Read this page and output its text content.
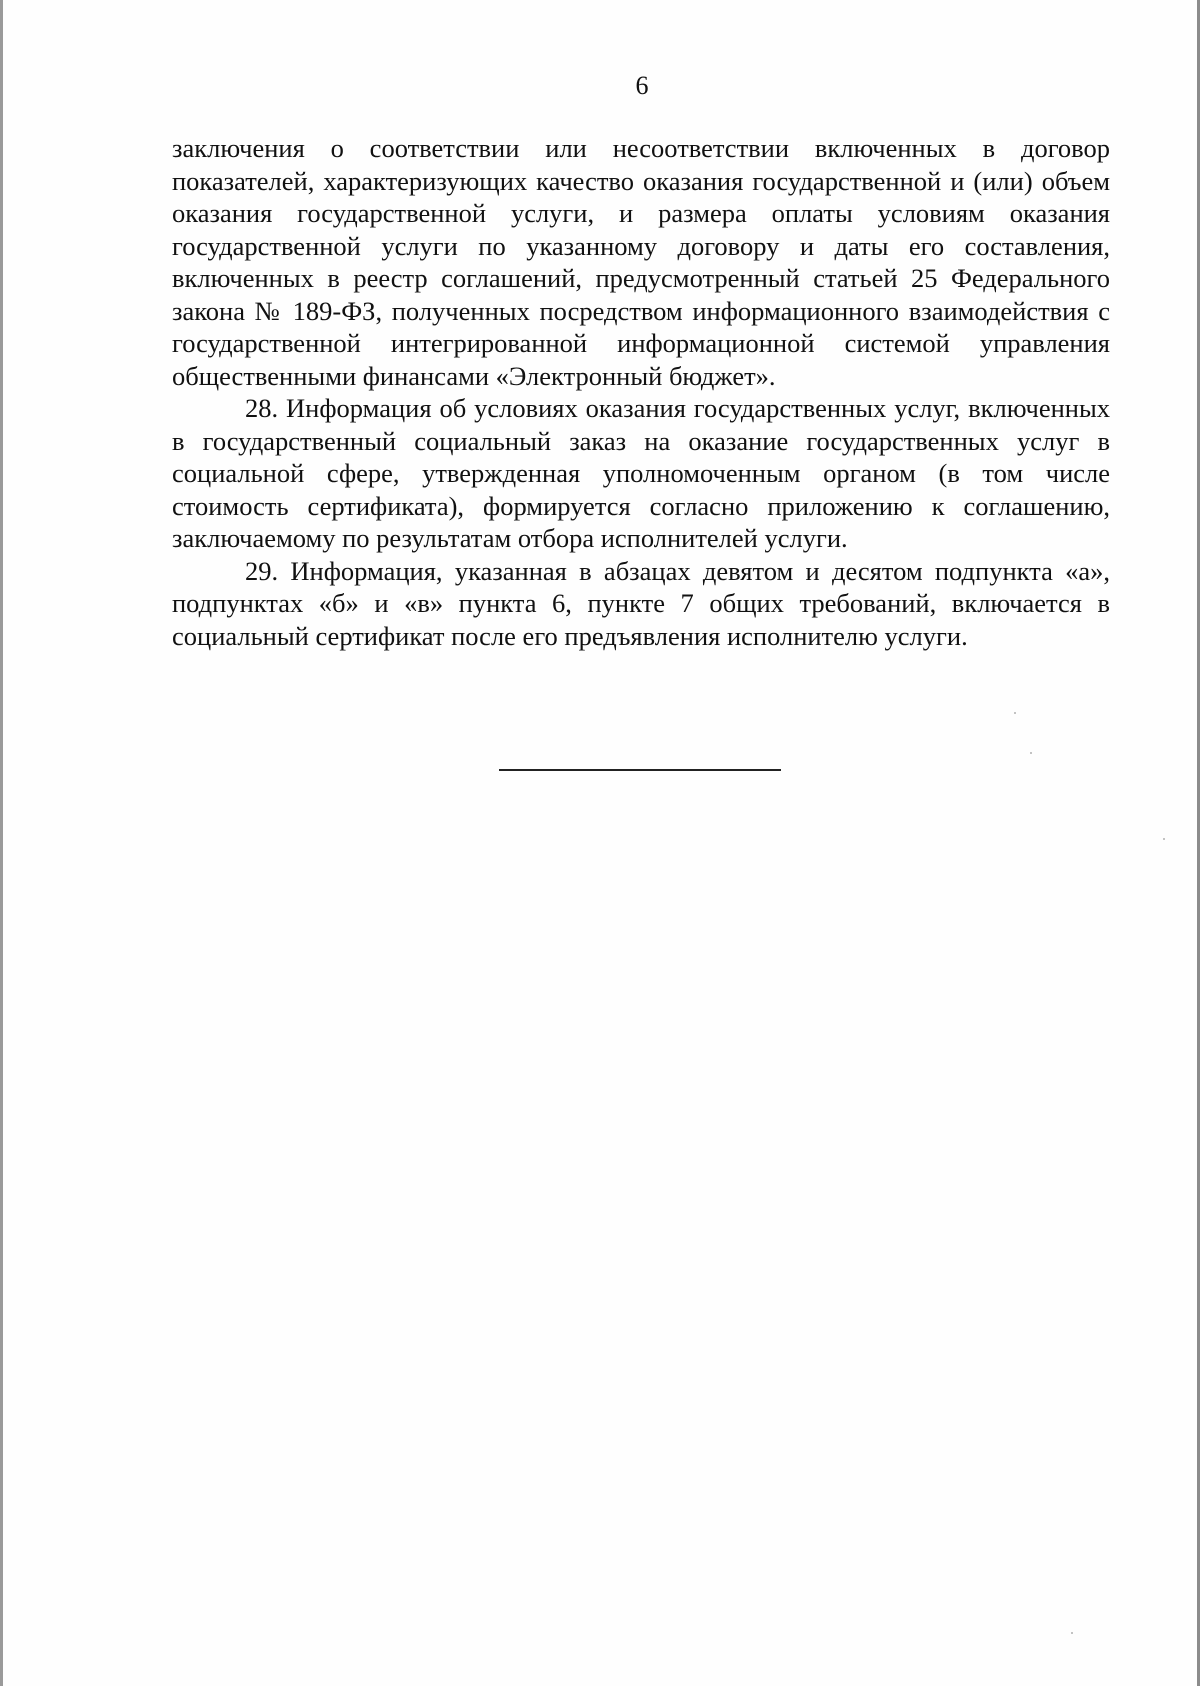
6

заключения о соответствии или несоответствии включенных в договор показателей, характеризующих качество оказания государственной и (или) объем оказания государственной услуги, и размера оплаты условиям оказания государственной услуги по указанному договору и даты его составления, включенных в реестр соглашений, предусмотренный статьей 25 Федерального закона № 189-ФЗ, полученных посредством информационного взаимодействия с государственной интегрированной информационной системой управления общественными финансами «Электронный бюджет».

28. Информация об условиях оказания государственных услуг, включенных в государственный социальный заказ на оказание государственных услуг в социальной сфере, утвержденная уполномоченным органом (в том числе стоимость сертификата), формируется согласно приложению к соглашению, заключаемому по результатам отбора исполнителей услуги.

29. Информация, указанная в абзацах девятом и десятом подпункта «а», подпунктах «б» и «в» пункта 6, пункте 7 общих требований, включается в социальный сертификат после его предъявления исполнителю услуги.
